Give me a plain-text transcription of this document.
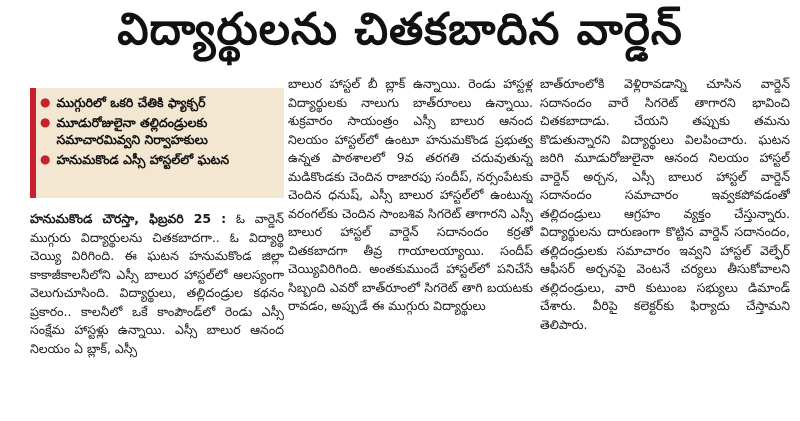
విద్యార్థులను చితకబాదిన వార్డెన్
● ముగ్గురిలో ఒకరి చేతికి ఫ్యాక్చర్
● మూడురోజులైనా తల్లిదండ్రులకు సమాచారమివ్వని నిర్వాహకులు
● హనుమకొండ ఎస్సీ హాస్టల్‌లో ఘటన

హనుమకొండ చౌరస్తా, ఫిబ్రవరి 25 : ఓ వార్డెన్ ముగ్గురు విద్యార్థులను చితకబాదగా.. ఓ విద్యార్థి చెయ్యి విరిగింది. ఈ ఘటన హనుమకొండ జిల్లా కాకాజీకాలనీలోని ఎస్సీ బాలుర హాస్టల్‌లో ఆలస్యంగా వెలుగుచూసింది. విద్యార్థులు, తల్లిదండ్రుల కథనం ప్రకారం.. కాలనీలో ఒకే కాంపౌండ్‌లో రెండు ఎస్సీ సంక్షేమ హాస్టళ్లు ఉన్నాయి. ఎస్సీ బాలుర ఆనంద నిలయం ఏ బ్లాక్, ఎస్సీ

బాలుర హాస్టల్ బీ బ్లాక్ ఉన్నాయి. రెండు హాస్టళ్ల విద్యార్థులకు నాలుగు బాత్‌రూంలు ఉన్నాయి. శుక్రవారం సాయంత్రం ఎస్సీ బాలుర ఆనంద నిలయం హాస్టల్‌లో ఉంటూ హనుమకొండ ప్రభుత్వ ఉన్నత పాఠశాలలో 9వ తరగతి చదువుతున్న మడికొండకు చెందిన రాజారపు సందీప్, నర్సంపేటకు చెందిన ధనుష్, ఎస్సీ బాలుర హాస్టల్‌లో ఉంటున్న వరంగల్‌కు చెందిన సాంబశివ సిగరెట్ తాగారని ఎస్సీ బాలుర హాస్టల్ వార్డెన్ సదానందం కర్రతో చితకబాదగా తీవ్ర గాయాలయ్యాయి. సందీప్ చెయ్యివిరిగింది. అంతకుముందే హాస్టల్‌లో పనిచేసే సిబ్బంది ఎవరో బాత్‌రూంలో సిగరెట్ తాగి బయటకు రావడం, అప్పుడే ఈ ముగ్గురు విద్యార్థులు

బాత్‌రూంలోకి వెళ్లిరావడాన్ని చూసిన వార్డెన్ సదానందం వారే సిగరెట్ తాగారని భావించి చితకబాదాడు. చేయని తప్పుకు తమను కొడుతున్నారని విద్యార్థులు విలపించారు. ఘటన జరిగి మూడురోజులైనా ఆనంద నిలయం హాస్టల్ వార్డెన్ అర్చన, ఎస్సీ బాలుర హాస్టల్ వార్డెన్ సదానందం సమాచారం ఇవ్వకపోవడంతో తల్లిదండ్రులు ఆగ్రహం వ్యక్తం చేస్తున్నారు. విద్యార్థులను దారుణంగా కొట్టిన వార్డెన్ సదానందం, తల్లిదండ్రులకు సమాచారం ఇవ్వని హాస్టల్ వెల్ఫేర్ ఆఫీసర్ అర్చనపై వెంటనే చర్యలు తీసుకోవాలని తల్లిదండ్రులు, వారి కుటుంబ సభ్యులు డిమాండ్ చేశారు. వీరిపై కలెక్టర్‌కు ఫిర్యాదు చేస్తామని తెలిపారు.
